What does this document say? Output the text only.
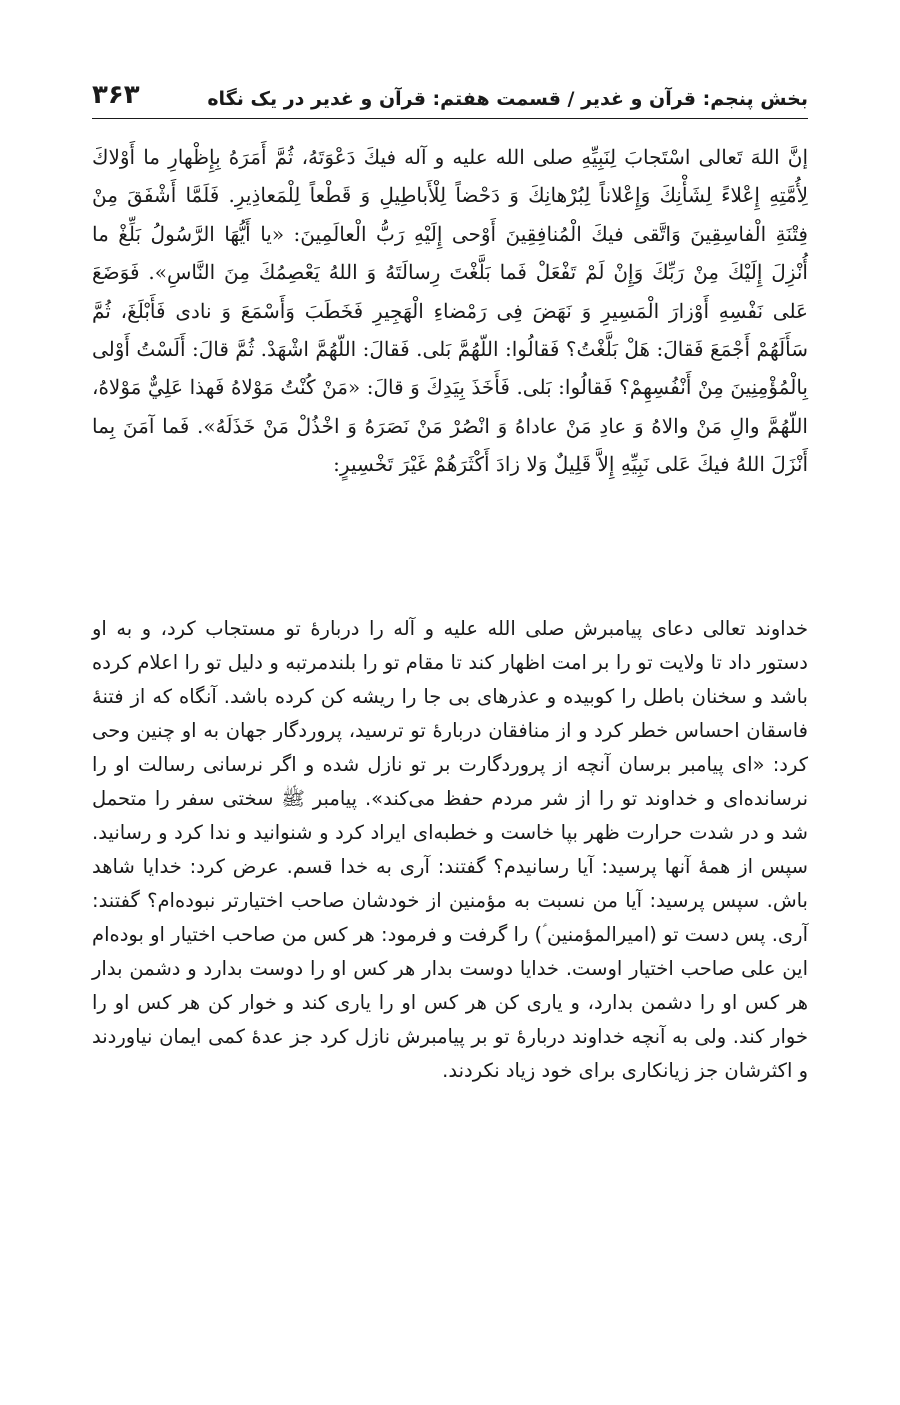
بخش پنجم: قرآن و غدیر / قسمت هفتم: قرآن و غدیر در یک نگاه
۳۶۳

إنَّ اللهَ تَعالى اسْتَجابَ لِنَبِيِّهِ صلى الله عليه و آله فيكَ دَعْوَتَهُ، ثُمَّ أَمَرَهُ بِإِظْهارِ ما أَوْلاكَ لِأُمَّتِهِ إِعْلاءً لِشَأْنِكَ وَإِعْلاناً لِبُرْهانِكَ وَ دَحْضاً لِلْأَباطِيلِ وَ قَطْعاً لِلْمَعاذِيرِ. فَلَمَّا أَشْفَقَ مِنْ فِتْنَةِ الْفاسِقِينَ وَاتَّقى فيكَ الْمُنافِقِينَ أَوْحى إِلَيْهِ رَبُّ الْعالَمِينَ: «يا أَيُّهَا الرَّسُولُ بَلِّغْ ما أُنْزِلَ إِلَيْكَ مِنْ رَبِّكَ وَإِنْ لَمْ تَفْعَلْ فَما بَلَّغْتَ رِسالَتَهُ وَ اللهُ يَعْصِمُكَ مِنَ النَّاسِ». فَوَضَعَ عَلى نَفْسِهِ أَوْزارَ الْمَسِيرِ وَ نَهَضَ فِى رَمْضاءِ الْهَجِيرِ فَخَطَبَ وَأَسْمَعَ وَ نادى فَأَبْلَغَ، ثُمَّ سَأَلَهُمْ أَجْمَعَ فَقالَ: هَلْ بَلَّغْتُ؟ فَقالُوا: اللّهُمَّ بَلى. فَقالَ: اللّهُمَّ اشْهَدْ. ثُمَّ قالَ: أَلَسْتُ أَوْلى بِالْمُؤْمِنِينَ مِنْ أَنْفُسِهِمْ؟ فَقالُوا: بَلى. فَأَخَذَ بِيَدِكَ وَ قالَ: «مَنْ كُنْتُ مَوْلاهُ فَهذا عَلِيٌّ مَوْلاهُ، اللّهُمَّ والِ مَنْ والاهُ وَ عادِ مَنْ عاداهُ وَ انْصُرْ مَنْ نَصَرَهُ وَ اخْذُلْ مَنْ خَذَلَهُ». فَما آمَنَ بِما أَنْزَلَ اللهُ فيكَ عَلى نَبِيِّهِ إِلاَّ قَلِيلٌ وَلا زادَ أَكْثَرَهُمْ غَيْرَ تَخْسِيرٍ:

خداوند تعالى دعاى پيامبرش صلى الله عليه و آله را دربارۀ تو مستجاب كرد، و به او دستور داد تا ولايت تو را بر امت اظهار كند تا مقام تو را بلندمرتبه و دليل تو را اعلام كرده باشد و سخنان باطل را كوبيده و عذرهاى بى جا را ريشه كن كرده باشد. آنگاه كه از فتنۀ فاسقان احساس خطر كرد و از منافقان دربارۀ تو ترسيد، پروردگار جهان به او چنين وحى كرد: «اى پيامبر برسان آنچه از پروردگارت بر تو نازل شده و اگر نرسانى رسالت او را نرسانده‌اى و خداوند تو را از شر مردم حفظ مى‌كند». پيامبر ﷺ سختى سفر را متحمل شد و در شدت حرارت ظهر بپا خاست و خطبه‌اى ايراد كرد و شنوانيد و ندا كرد و رسانيد. سپس از همۀ آنها پرسيد: آيا رسانيدم؟ گفتند: آرى به خدا قسم. عرض كرد: خدايا شاهد باش. سپس پرسيد: آيا من نسبت به مؤمنين از خودشان صاحب اختيارتر نبوده‌ام؟ گفتند: آرى. پس دست تو (اميرالمؤمنين ؑ) را گرفت و فرمود: هر كس من صاحب اختيار او بوده‌ام اين على صاحب اختيار اوست. خدايا دوست بدار هر كس او را دوست بدارد و دشمن بدار هر كس او را دشمن بدارد، و يارى كن هر كس او را يارى كند و خوار كن هر كس او را خوار كند. ولى به آنچه خداوند دربارۀ تو بر پيامبرش نازل كرد جز عدۀ كمى ايمان نياوردند و اكثرشان جز زيانكارى براى خود زياد نكردند.
